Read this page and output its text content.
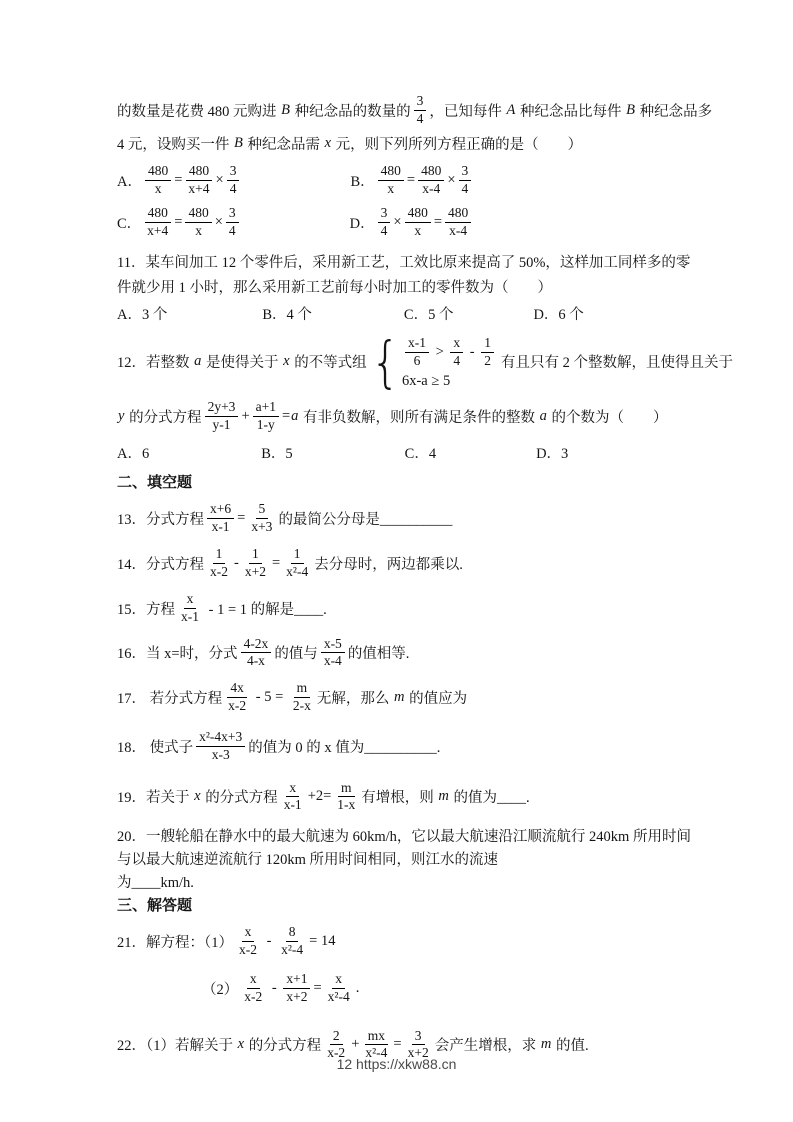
的数量是花费 480 元购进 B 种纪念品的数量的 $\frac{3}{4}$ ，已知每件 A 种纪念品比每件 B 种纪念品多
4 元，设购买一件 B 种纪念品需 x 元，则下列所列方程正确的是（　　）
A． $\frac{480}{x} = \frac{480}{x+4} \times \frac{3}{4}$	B． $\frac{480}{x} = \frac{480}{x-4} \times \frac{3}{4}$
C． $\frac{480}{x+4} = \frac{480}{x} \times \frac{3}{4}$	D． $\frac{3}{4} \times \frac{480}{x} = \frac{480}{x-4}$
11．某车间加工 12 个零件后，采用新工艺，工效比原来提高了 50%，这样加工同样多的零
件就少用 1 小时，那么采用新工艺前每小时加工的零件数为（　　）
A．3 个	B．4 个	C．5 个	D．6 个
12．若整数 a 是使得关于 x 的不等式组 { $\frac{x-1}{6} > \frac{x}{4} - \frac{1}{2}$
6x-a ≥ 5
有且只有 2 个整数解，且使得且关于
y 的分式方程 $\frac{2y+3}{y-1} + \frac{a+1}{1-y} = a$ 有非负数解，则所有满足条件的整数 a 的个数为（　　）
A．6	B．5	C．4	D．3
二、填空题
13．分式方程 $\frac{x+6}{x-1} = \frac{5}{x+3}$ 的最简公分母是__________
14．分式方程 $\frac{1}{x-2} - \frac{1}{x+2} = \frac{1}{\text{x²-4}}$ 去分母时，两边都乘以.
15．方程 $\frac{x}{x-1} - 1 = 1$ 的解是____.
16．当 x=时，分式 $\frac{4-2x}{4-x}$ 的值与 $\frac{x-5}{x-4}$ 的值相等.
17． 若分式方程 $\frac{4x}{x-2} - 5 = \frac{m}{2-x}$ 无解，那么 m 的值应为
18． 使式子 $\frac{\text{x²-4x+3}}{x-3}$ 的值为 0 的 x 值为__________.
19．若关于 x 的分式方程 $\frac{x}{x-1} +2= \frac{m}{1-x}$ 有增根，则 m 的值为____.
20．一艘轮船在静水中的最大航速为 60km/h，它以最大航速沿江顺流航行 240km 所用时间
与以最大航速逆流航行 120km 所用时间相同，则江水的流速
为____km/h.
三、解答题
21．解方程：$(1) \frac{x}{x-2} - \frac{8}{\text{x²-4}} = 14$
$(2) \frac{x}{x-2} - \frac{x+1}{x+2} = \frac{x}{\text{x²-4}}$ .
22．（1）若解关于 x 的分式方程 $\frac{2}{x-2} + \frac{mx}{\text{x²-4}} = \frac{3}{x+2}$ 会产生增根，求 m 的值.
12 https://xkw88.cn
